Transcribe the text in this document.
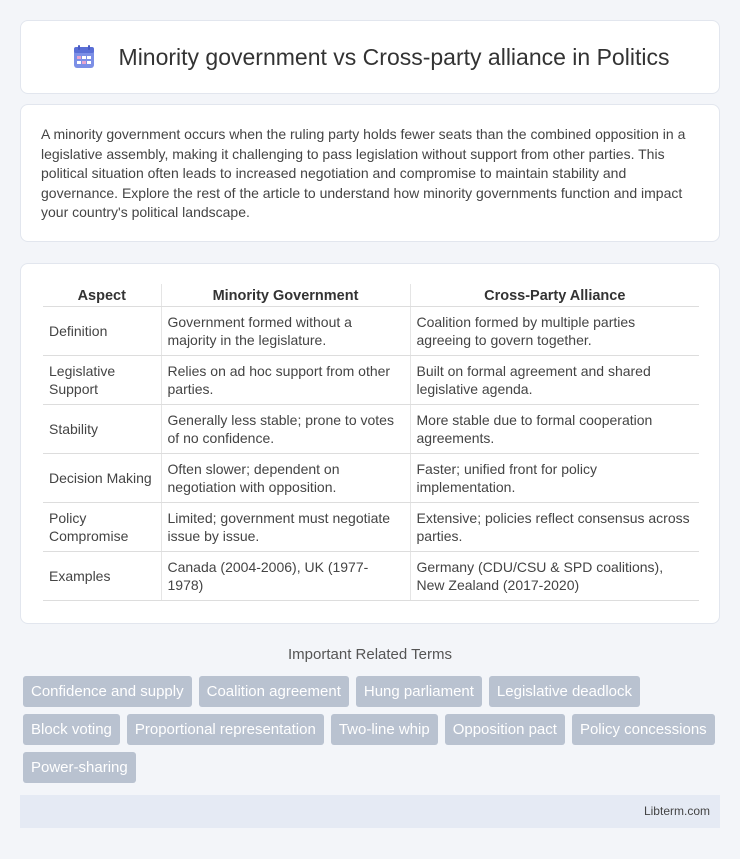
Minority government vs Cross-party alliance in Politics

A minority government occurs when the ruling party holds fewer seats than the combined opposition in a legislative assembly, making it challenging to pass legislation without support from other parties. This political situation often leads to increased negotiation and compromise to maintain stability and governance. Explore the rest of the article to understand how minority governments function and impact your country's political landscape.

Aspect	Minority Government	Cross-Party Alliance
Definition	Government formed without a majority in the legislature.	Coalition formed by multiple parties agreeing to govern together.
Legislative Support	Relies on ad hoc support from other parties.	Built on formal agreement and shared legislative agenda.
Stability	Generally less stable; prone to votes of no confidence.	More stable due to formal cooperation agreements.
Decision Making	Often slower; dependent on negotiation with opposition.	Faster; unified front for policy implementation.
Policy Compromise	Limited; government must negotiate issue by issue.	Extensive; policies reflect consensus across parties.
Examples	Canada (2004-2006), UK (1977-1978)	Germany (CDU/CSU & SPD coalitions), New Zealand (2017-2020)
Important Related Terms
Confidence and supply	Coalition agreement	Hung parliament	Legislative deadlock
Block voting	Proportional representation	Two-line whip	Opposition pact	Policy concessions
Power-sharing
Libterm.com
